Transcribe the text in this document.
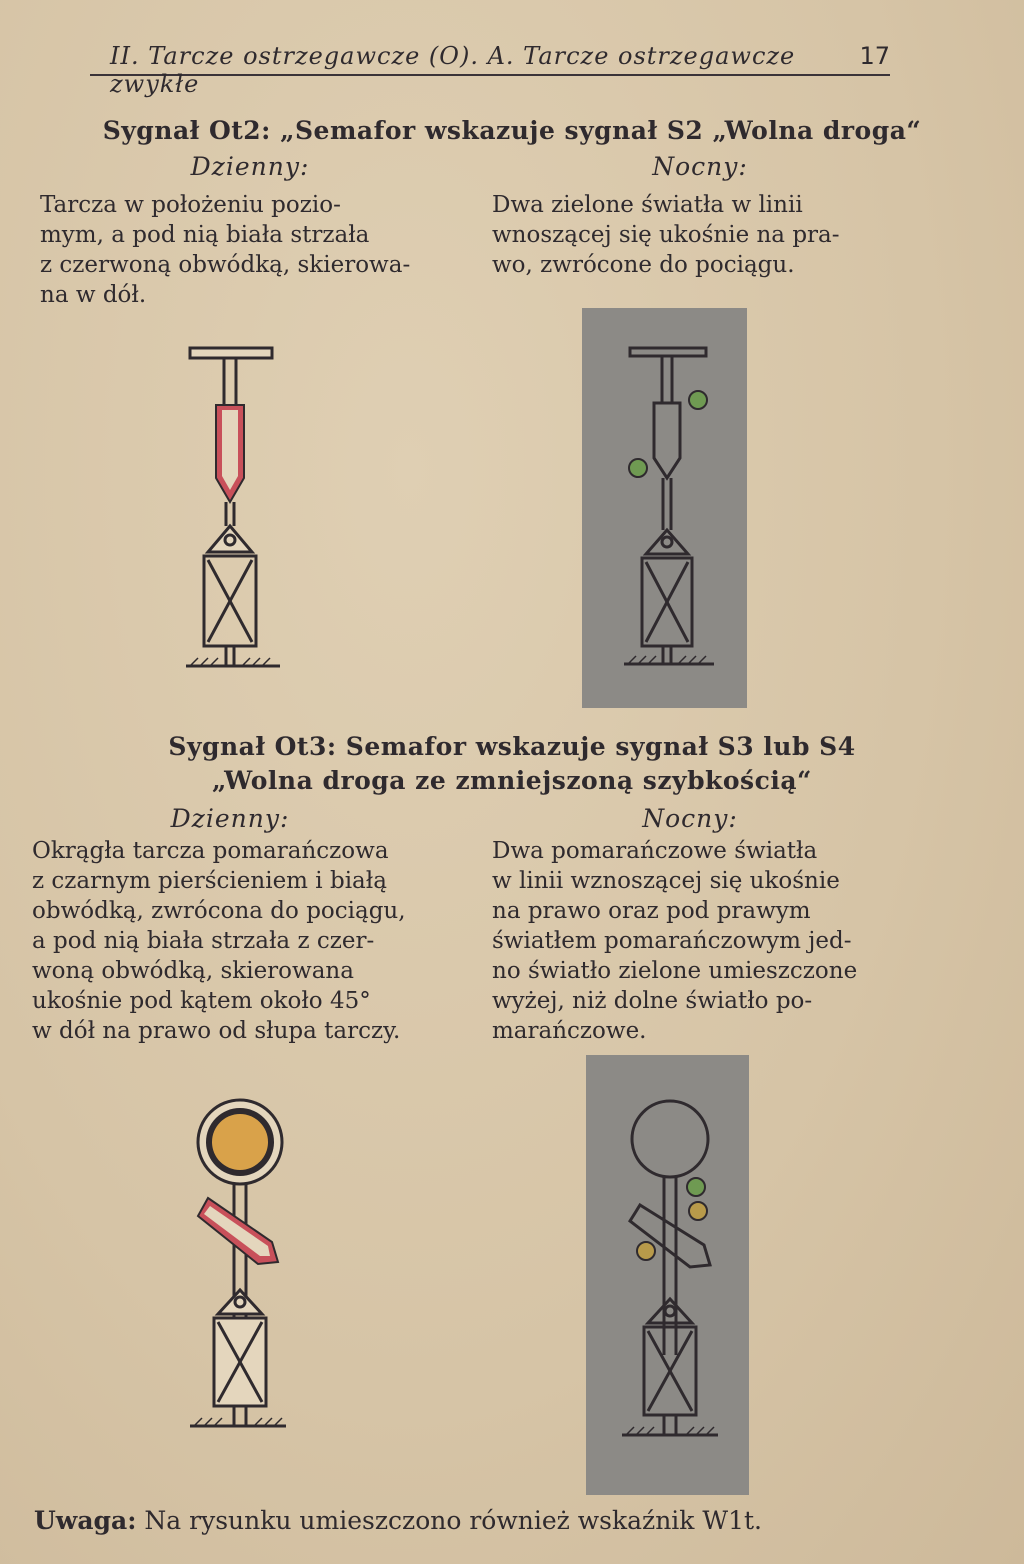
II. Tarcze ostrzegawcze (O). A. Tarcze ostrzegawcze zwykłe
17
Sygnał Ot2: „Semafor wskazuje sygnał S2 „Wolna droga“
Dzienny:	Nocny:
Tarcza w położeniu pozio-
mym, a pod nią biała strzała
z czerwoną obwódką, skierowa-
na w dół.
Dwa zielone światła w linii
wnoszącej się ukośnie na pra-
wo, zwrócone do pociągu.
Sygnał Ot3: Semafor wskazuje sygnał S3 lub S4
„Wolna droga ze zmniejszoną szybkością“
Dzienny:	Nocny:
Okrągła tarcza pomarańczowa
z czarnym pierścieniem i białą
obwódką, zwrócona do pociągu,
a pod nią biała strzała z czer-
woną obwódką, skierowana
ukośnie pod kątem około 45°
w dół na prawo od słupa tarczy.
Dwa pomarańczowe światła
w linii wznoszącej się ukośnie
na prawo oraz pod prawym
światłem pomarańczowym jed-
no światło zielone umieszczone
wyżej, niż dolne światło po-
marańczowe.
Uwaga: Na rysunku umieszczono również wskaźnik W1t.
